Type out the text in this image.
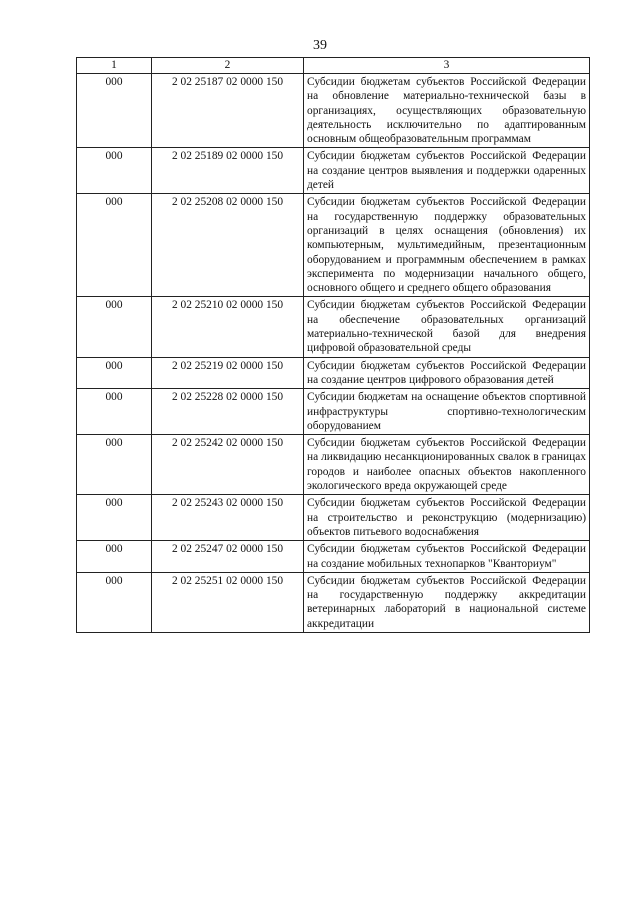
39
1	2	3
000	2 02 25187 02 0000 150	Субсидии бюджетам субъектов Российской Федерации на обновление материально-технической базы в организациях, осуществляющих образовательную деятельность исключительно по адаптированным основным общеобразовательным программам
000	2 02 25189 02 0000 150	Субсидии бюджетам субъектов Российской Федерации на создание центров выявления и поддержки одаренных детей
000	2 02 25208 02 0000 150	Субсидии бюджетам субъектов Российской Федерации на государственную поддержку образовательных организаций в целях оснащения (обновления) их компьютерным, мультимедийным, презентационным оборудованием и программным обеспечением в рамках эксперимента по модернизации начального общего, основного общего и среднего общего образования
000	2 02 25210 02 0000 150	Субсидии бюджетам субъектов Российской Федерации на обеспечение образовательных организаций материально-технической базой для внедрения цифровой образовательной среды
000	2 02 25219 02 0000 150	Субсидии бюджетам субъектов Российской Федерации на создание центров цифрового образования детей
000	2 02 25228 02 0000 150	Субсидии бюджетам на оснащение объектов спортивной инфраструктуры спортивно-технологическим оборудованием
000	2 02 25242 02 0000 150	Субсидии бюджетам субъектов Российской Федерации на ликвидацию несанкционированных свалок в границах городов и наиболее опасных объектов накопленного экологического вреда окружающей среде
000	2 02 25243 02 0000 150	Субсидии бюджетам субъектов Российской Федерации на строительство и реконструкцию (модернизацию) объектов питьевого водоснабжения
000	2 02 25247 02 0000 150	Субсидии бюджетам субъектов Российской Федерации на создание мобильных технопарков "Кванториум"
000	2 02 25251 02 0000 150	Субсидии бюджетам субъектов Российской Федерации на государственную поддержку аккредитации ветеринарных лабораторий в национальной системе аккредитации
